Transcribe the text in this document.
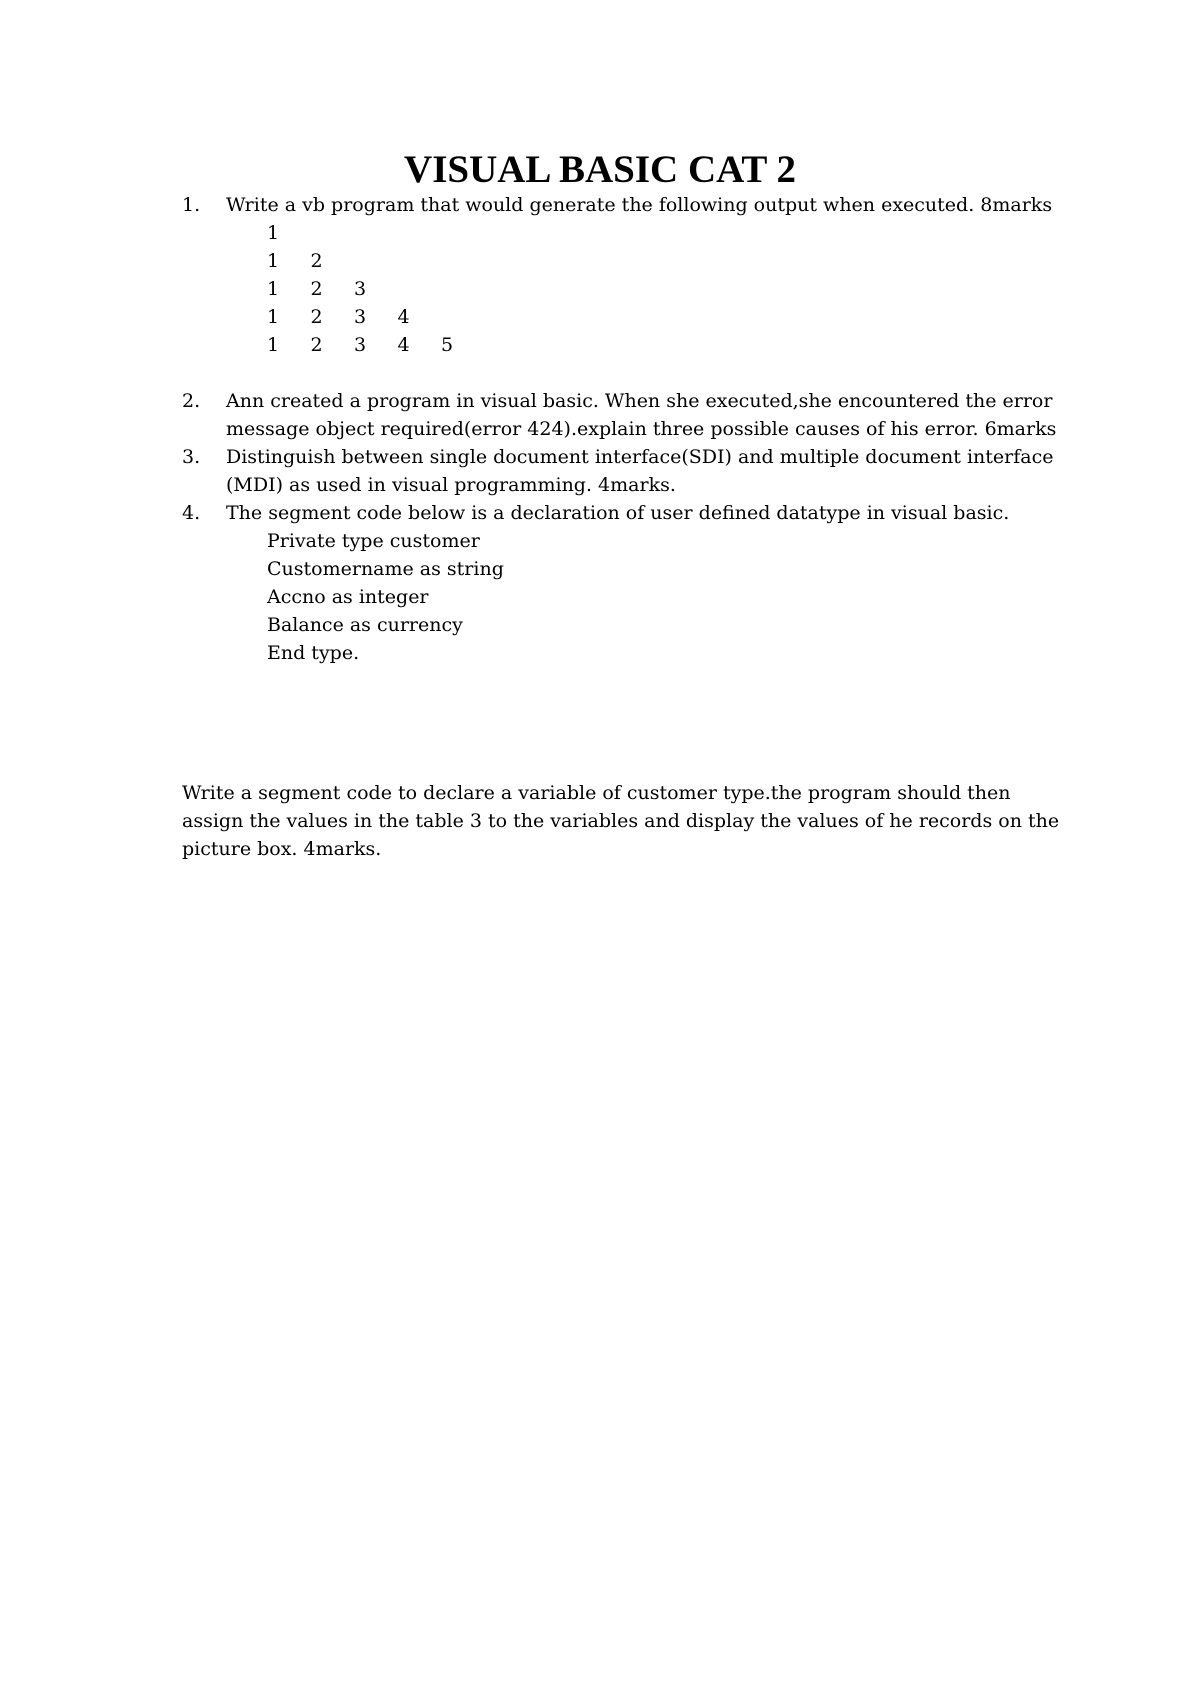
VISUAL BASIC CAT 2
1. Write a vb program that would generate the following output when executed. 8marks
1
1	2
1	2	3
1	2	3	4
1	2	3	4	5
2. Ann created a program in visual basic. When she executed,she encountered the error message object required(error 424).explain three possible causes of his error. 6marks
3. Distinguish between single document interface(SDI) and multiple document interface (MDI) as used in visual programming. 4marks.
4. The segment code below is a declaration of user defined datatype in visual basic.
Private type customer
Customername as string
Accno as integer
Balance as currency
End type.

Write a segment code to declare a variable of customer type.the program should then assign the values in the table 3 to the variables and display the values of he records on the picture box. 4marks.
